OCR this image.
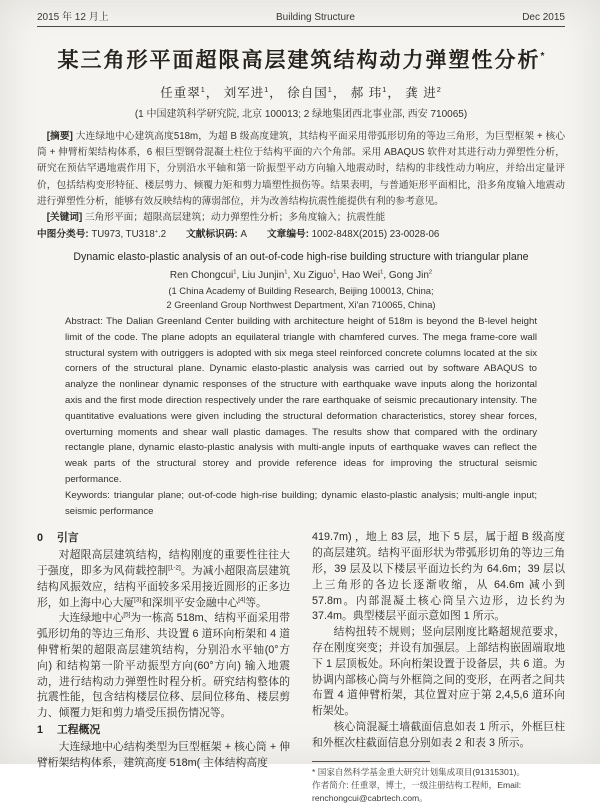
2015 年 12 月上	Building Structure	Dec 2015
某三角形平面超限高层建筑结构动力弹塑性分析*
任重翠$^1$， 刘军进$^1$， 徐自国$^1$， 郝 玮$^1$， 龚 进$^2$
(1 中国建筑科学研究院, 北京 100013; 2 绿地集团西北事业部, 西安 710065)

[摘要] 大连绿地中心建筑高度518m，为超 B 级高度建筑，其结构平面采用带弧形切角的等边三角形，为巨型框架 + 核心筒 + 伸臂桁架结构体系，6 根巨型钢骨混凝土柱位于结构平面的六个角部。采用 ABAQUS 软件对其进行动力弹塑性分析，研究在预估罕遇地震作用下，分别沿水平轴和第一阶振型平动方向输入地震动时，结构的非线性动力响应，并给出定量评价，包括结构变形特征、楼层剪力、倾覆力矩和剪力墙塑性损伤等。结果表明，与普通矩形平面相比，沿多角度输入地震动进行弹塑性分析，能够有效反映结构的薄弱部位，并为改善结构抗震性能提供有利的参考意见。

[关键词] 三角形平面；超限高层建筑；动力弹塑性分析；多角度输入；抗震性能

中图分类号: TU973, TU318+.2 文献标识码: A 文章编号: 1002-848X(2015) 23-0028-06

Dynamic elasto-plastic analysis of an out-of-code high-rise building structure with triangular plane

Ren Chongcui$^1$, Liu Junjin$^1$, Xu Ziguo$^1$, Hao Wei$^1$, Gong Jin$^2$

(1 China Academy of Building Research, Beijing 100013, China;

2 Greenland Group Northwest Department, Xi'an 710065, China)

Abstract: The Dalian Greenland Center building with architecture height of 518m is beyond the B-level height limit of the code. The plane adopts an equilateral triangle with chamfered curves. The mega frame-core wall structural system with outriggers is adopted with six mega steel reinforced concrete columns located at the six corners of the structural plane. Dynamic elasto-plastic analysis was carried out by software ABAQUS to analyze the nonlinear dynamic responses of the structure with earthquake wave inputs along the horizontal axis and the first mode direction respectively under the rare earthquake of seismic precautionary intensity. The quantitative evaluations were given including the structural deformation characteristics, storey shear forces, overturning moments and shear wall plastic damages. The results show that compared with the ordinary rectangle plane, dynamic elasto-plastic analysis with multi-angle inputs of earthquake waves can reflect the weak parts of the structural storey and provide reference ideas for improving the structural seismic performance.

Keywords: triangular plane; out-of-code high-rise building; dynamic elasto-plastic analysis; multi-angle input; seismic performance

0 引言

对超限高层建筑结构，结构刚度的重要性往往大于强度，即多为风荷载控制[1-2]。为减小超限高层建筑结构风振效应，结构平面较多采用接近圆形的正多边形，如上海中心大厦[3]和深圳平安金融中心[4]等。

大连绿地中心[5]为一栋高 518m、结构平面采用带弧形切角的等边三角形、共设置 6 道环向桁架和 4 道伸臂桁架的超限高层建筑结构，分别沿水平轴(0°方向) 和结构第一阶平动振型方向(60°方向) 输入地震动，进行结构动力弹塑性时程分析。研究结构整体的抗震性能，包含结构楼层位移、层间位移角、楼层剪力、倾覆力矩和剪力墙受压损伤情况等。

1 工程概况

大连绿地中心结构类型为巨型框架 + 核心筒 + 伸臂桁架结构体系，建筑高度 518m( 主体结构高度

419.7m) ，地上 83 层，地下 5 层，属于超 B 级高度的高层建筑。结构平面形状为带弧形切角的等边三角形，39 层及以下楼层平面边长约为 64.6m；39 层以上三角形的各边长逐渐收缩，从 64.6m 减小到 57.8m。内部混凝土核心筒呈六边形，边长约为 37.4m。典型楼层平面示意如图 1 所示。

结构扭转不规则；竖向层刚度比略超规范要求，存在刚度突变；并设有加强层。上部结构嵌固端取地下 1 层顶板处。环向桁架设置于设备层，共 6 道。为协调内部核心筒与外框筒之间的变形，在两者之间共布置 4 道伸臂桁架，其位置对应于第 2,4,5,6 道环向桁架处。

核心筒混凝土墙截面信息如表 1 所示，外框巨柱和外框次柱截面信息分别如表 2 和表 3 所示。

* 国家自然科学基金重大研究计划集成项目(91315301)。

作者简介: 任重翠，博士，一级注册结构工程师，Email: renchongcui@cabrtech.com。
